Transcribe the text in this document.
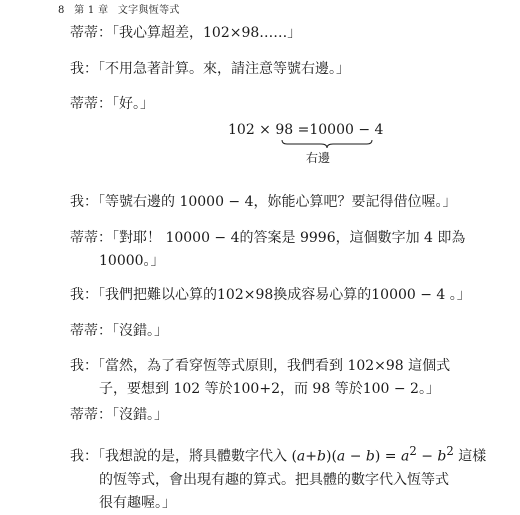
8 第 1 章 文字與恆等式
蒂蒂：「我心算超差，102×98……」
我：「不用急著計算。來，請注意等號右邊。」
蒂蒂：「好。」
102 × 98 =10000 − 4
右邊
我：「等號右邊的 10000 − 4，妳能心算吧？要記得借位喔。」
蒂蒂：「對耶！ 10000 − 4的答案是 9996，這個數字加 4 即為
10000。」
我：「我們把難以心算的102×98換成容易心算的10000 − 4 。」
蒂蒂：「沒錯。」
我：「當然，為了看穿恆等式原則，我們看到 102×98 這個式
子，要想到 102 等於100+2，而 98 等於100 − 2。」
蒂蒂：「沒錯。」
我：「我想說的是，將具體數字代入 $(a+b)(a - b) = a^2 - b^2$ 這樣
的恆等式，會出現有趣的算式。把具體的數字代入恆等式
很有趣喔。」
